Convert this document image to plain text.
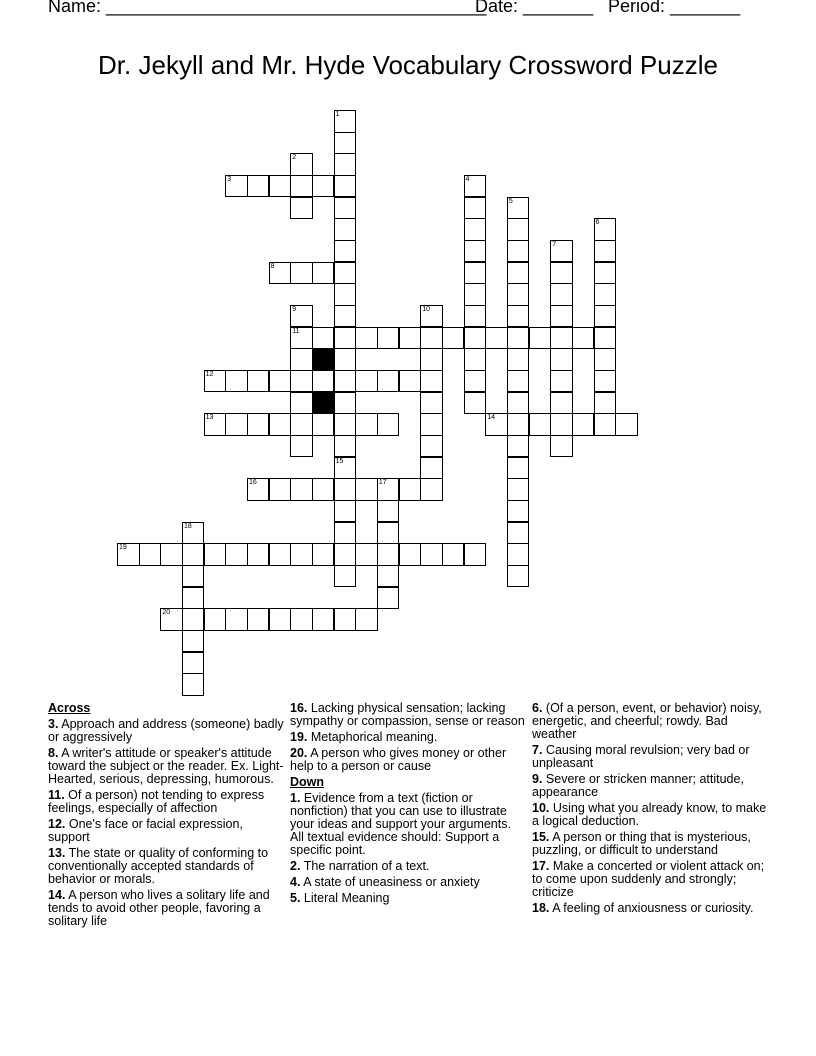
Name: ______________________________________
Date: _______ Period: _______
Dr. Jekyll and Mr. Hyde Vocabulary Crossword Puzzle
1
15
2
3	4
5
6
7
8
9
11
10
12
13	14
16	17
18
19
20
Across
3. Approach and address (someone) badly or aggressively
8. A writer's attitude or speaker's attitude toward the subject or the reader. Ex. Light-Hearted, serious, depressing, humorous.
11. Of a person) not tending to express feelings, especially of affection
12. One's face or facial expression, support
13. The state or quality of conforming to conventionally accepted standards of behavior or morals.
14. A person who lives a solitary life and tends to avoid other people, favoring a solitary life
16. Lacking physical sensation; lacking sympathy or compassion, sense or reason
19. Metaphorical meaning.
20. A person who gives money or other help to a person or cause
Down
1. Evidence from a text (fiction or nonfiction) that you can use to illustrate your ideas and support your arguments. All textual evidence should: Support a specific point.
2. The narration of a text.
4. A state of uneasiness or anxiety
5. Literal Meaning
6. (Of a person, event, or behavior) noisy, energetic, and cheerful; rowdy. Bad weather
7. Causing moral revulsion; very bad or unpleasant
9. Severe or stricken manner; attitude, appearance
10. Using what you already know, to make a logical deduction.
15. A person or thing that is mysterious, puzzling, or difficult to understand
17. Make a concerted or violent attack on; to come upon suddenly and strongly; criticize
18. A feeling of anxiousness or curiosity.
